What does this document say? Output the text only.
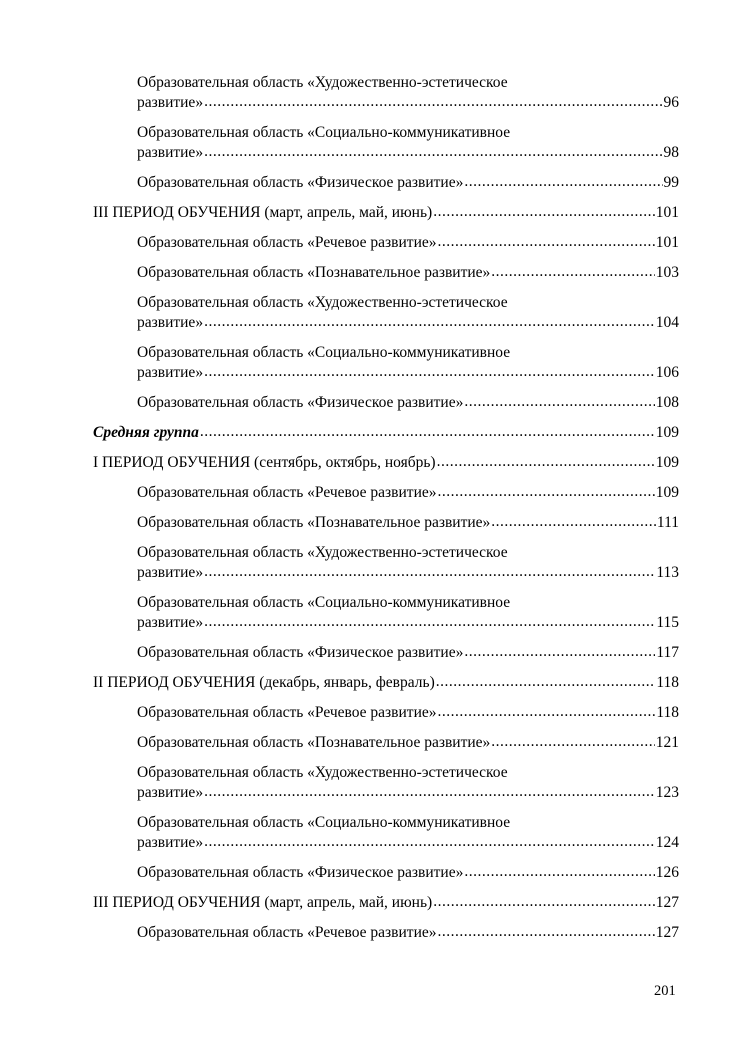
Образовательная область «Художественно-эстетическое
развитие» .....	96
Образовательная область «Социально-коммуникативное
развитие» .....	98
Образовательная область «Физическое развитие» .....	99
III ПЕРИОД ОБУЧЕНИЯ (март, апрель, май, июнь) .....	101
Образовательная область «Речевое развитие» .....	101
Образовательная область «Познавательное развитие» .....	103
Образовательная область «Художественно-эстетическое
развитие» .....	104
Образовательная область «Социально-коммуникативное
развитие» .....	106
Образовательная область «Физическое развитие» .....	108
Средняя группа .....	109
I ПЕРИОД ОБУЧЕНИЯ (сентябрь, октябрь, ноябрь) .....	109
Образовательная область «Речевое развитие» .....	109
Образовательная область «Познавательное развитие» .....	111
Образовательная область «Художественно-эстетическое
развитие» .....	113
Образовательная область «Социально-коммуникативное
развитие» .....	115
Образовательная область «Физическое развитие» .....	117
II ПЕРИОД ОБУЧЕНИЯ (декабрь, январь, февраль) .....	118
Образовательная область «Речевое развитие» .....	118
Образовательная область «Познавательное развитие» .....	121
Образовательная область «Художественно-эстетическое
развитие» .....	123
Образовательная область «Социально-коммуникативное
развитие» .....	124
Образовательная область «Физическое развитие» .....	126
III ПЕРИОД ОБУЧЕНИЯ (март, апрель, май, июнь) .....	127
Образовательная область «Речевое развитие» .....	127
201
